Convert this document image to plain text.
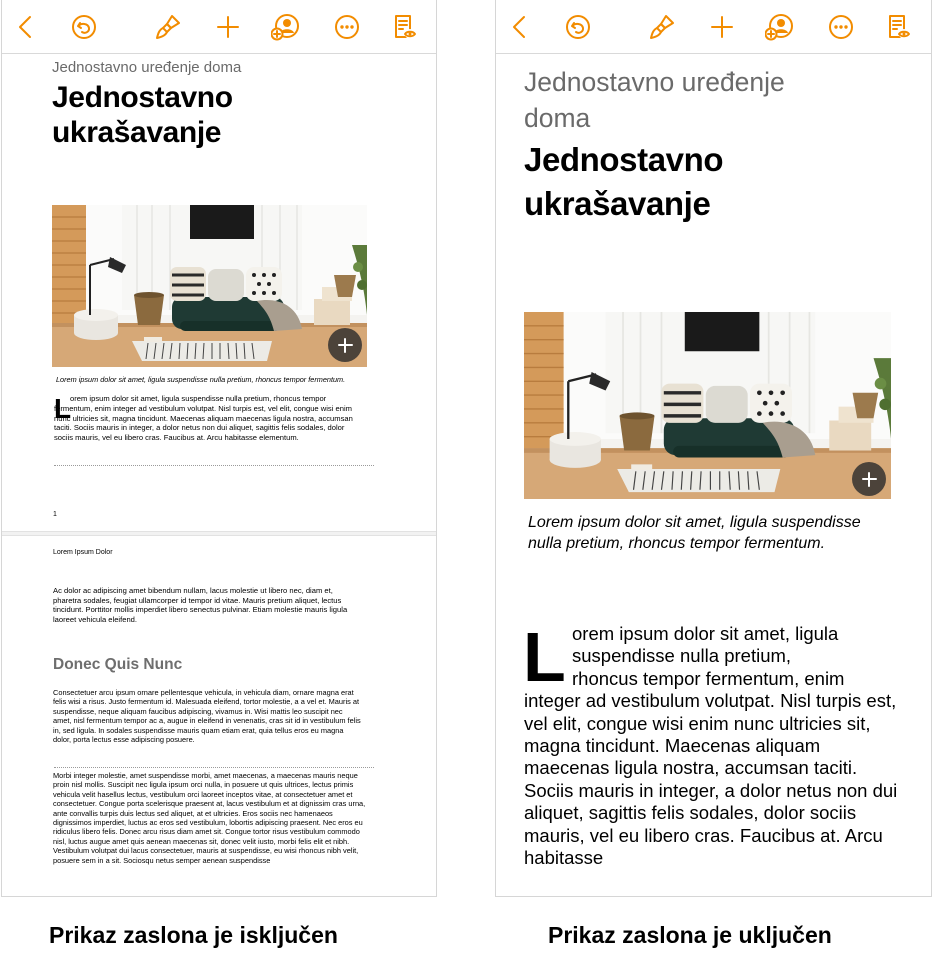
Jednostavno uređenje doma
Jednostavno ukrašavanje
Lorem ipsum dolor sit amet, ligula suspendisse nulla pretium, rhoncus tempor fermentum.
L
orem ipsum dolor sit amet, ligula suspendisse nulla pretium, rhoncus tempor fermentum, enim integer ad vestibulum volutpat. Nisl turpis est, vel elit, congue wisi enim nunc ultricies sit, magna tincidunt. Maecenas aliquam maecenas ligula nostra, accumsan taciti. Sociis mauris in integer, a dolor netus non dui aliquet, sagittis felis sodales, dolor sociis mauris, vel eu libero cras. Faucibus at. Arcu habitasse elementum.
1
Lorem Ipsum Dolor
Ac dolor ac adipiscing amet bibendum nullam, lacus molestie ut libero nec, diam et, pharetra sodales, feugiat ullamcorper id tempor id vitae. Mauris pretium aliquet, lectus tincidunt. Porttitor mollis imperdiet libero senectus pulvinar. Etiam molestie mauris ligula laoreet vehicula eleifend.
Donec Quis Nunc
Consectetuer arcu ipsum ornare pellentesque vehicula, in vehicula diam, ornare magna erat felis wisi a risus. Justo fermentum id. Malesuada eleifend, tortor molestie, a a vel et. Mauris at suspendisse, neque aliquam faucibus adipiscing, vivamus in. Wisi mattis leo suscipit nec amet, nisl fermentum tempor ac a, augue in eleifend in venenatis, cras sit id in vestibulum felis in, sed ligula. In sodales suspendisse mauris quam etiam erat, quia tellus eros eu magna dolor, porta lectus esse adipiscing posuere.
Morbi integer molestie, amet suspendisse morbi, amet maecenas, a maecenas mauris neque proin nisl mollis. Suscipit nec ligula ipsum orci nulla, in posuere ut quis ultrices, lectus primis vehicula velit hasellus lectus, vestibulum orci laoreet inceptos vitae, at consectetuer amet et consectetuer. Congue porta scelerisque praesent at, lacus vestibulum et at dignissim cras urna, ante convallis turpis duis lectus sed aliquet, at et ultricies. Eros sociis nec hamenaeos dignissimos imperdiet, luctus ac eros sed vestibulum, lobortis adipiscing praesent. Nec eros eu ridiculus libero felis. Donec arcu risus diam amet sit. Congue tortor risus vestibulum commodo nisl, luctus augue amet quis aenean maecenas sit, donec velit iusto, morbi felis elit et nibh. Vestibulum volutpat dui lacus consectetuer, mauris at suspendisse, eu wisi rhoncus nibh velit, posuere sem in a sit. Sociosqu netus semper aenean suspendisse
Jednostavno uređenje doma
Jednostavno ukrašavanje
Lorem ipsum dolor sit amet, ligula suspendisse nulla pretium, rhoncus tempor fermentum.
L orem ipsum dolor sit amet, ligula
suspendisse nulla pretium,
rhoncus tempor fermentum, enim
integer ad vestibulum volutpat. Nisl turpis est, vel elit, congue wisi enim nunc ultricies sit, magna tincidunt. Maecenas aliquam maecenas ligula nostra, accumsan taciti. Sociis mauris in integer, a dolor netus non dui aliquet, sagittis felis sodales, dolor sociis mauris, vel eu libero cras. Faucibus at. Arcu habitasse
Prikaz zaslona je isključen	Prikaz zaslona je uključen
